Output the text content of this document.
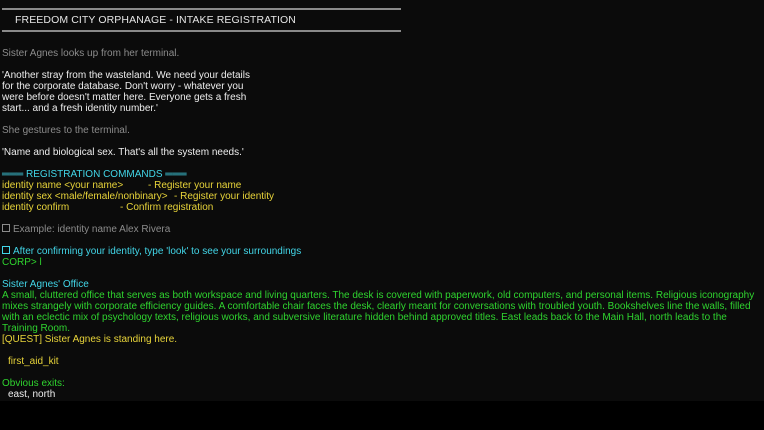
FREEDOM CITY ORPHANAGE - INTAKE REGISTRATION
Sister Agnes looks up from her terminal.
'Another stray from the wasteland. We need your details
for the corporate database. Don't worry - whatever you
were before doesn't matter here. Everyone gets a fresh
start... and a fresh identity number.'
She gestures to the terminal.
'Name and biological sex. That's all the system needs.'
═══ REGISTRATION COMMANDS ═══
identity name <your name> - Register your name
identity sex <male/female/nonbinary> - Register your identity
identity confirm	- Confirm registration
Example: identity name Alex Rivera
After confirming your identity, type 'look' to see your surroundings
CORP> l
Sister Agnes' Office
A small, cluttered office that serves as both workspace and living quarters. The desk is covered with paperwork, old computers, and personal items. Religious iconography mixes strangely with corporate efficiency guides. A comfortable chair faces the desk, clearly meant for conversations with troubled youth. Bookshelves line the walls, filled with an eclectic mix of psychology texts, religious works, and subversive literature hidden behind approved titles. East leads back to the Main Hall, north leads to the Training Room.
[QUEST] Sister Agnes is standing here.
first_aid_kit
Obvious exits:
east, north
